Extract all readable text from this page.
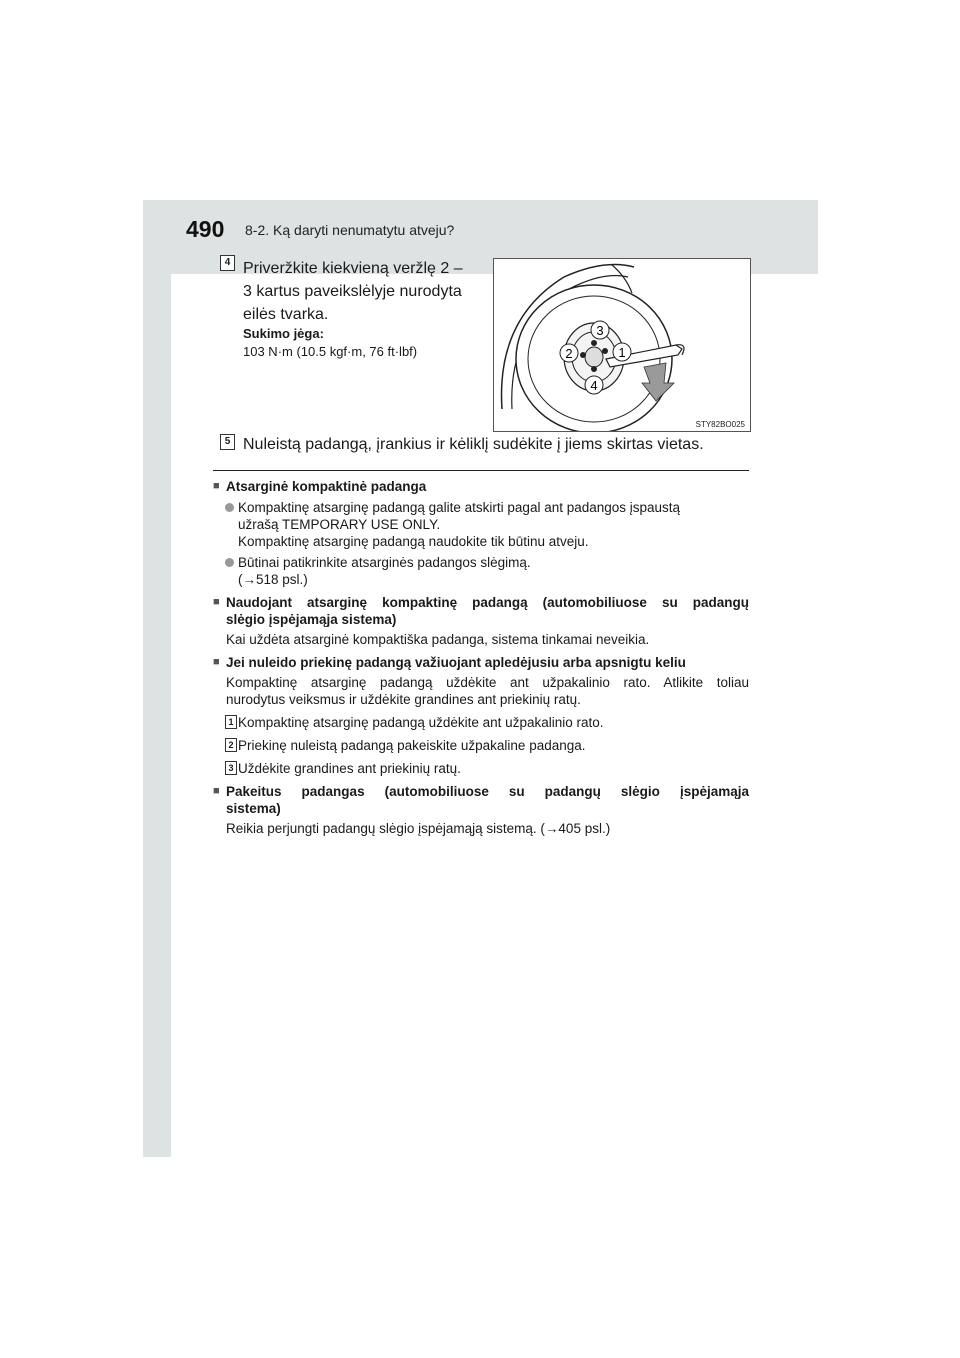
490 8-2. Ką daryti nenumatytu atveju?
4 Priveržkite kiekvieną veržlę 2 –
3 kartus paveikslėlyje nurodyta
eilės tvarka.
Sukimo jėga:
103 N·m (10.5 kgf·m, 76 ft·lbf)
3
1
2
4
STY82BO025
5 Nuleistą padangą, įrankius ir kėliklį sudėkite į jiems skirtas vietas.
■ Atsarginė kompaktinė padanga
Kompaktinę atsarginę padangą galite atskirti pagal ant padangos įspaustą
užrašą TEMPORARY USE ONLY.
Kompaktinę atsarginę padangą naudokite tik būtinu atveju.
Būtinai patikrinkite atsarginės padangos slėgimą.
(→518 psl.)
■ Naudojant atsarginę kompaktinę padangą (automobiliuose su padangų
slėgio įspėjamąja sistema)
Kai uždėta atsarginė kompaktiška padanga, sistema tinkamai neveikia.
■ Jei nuleido priekinę padangą važiuojant apledėjusiu arba apsnigtu keliu
Kompaktinę atsarginę padangą uždėkite ant užpakalinio rato. Atlikite toliau
nurodytus veiksmus ir uždėkite grandines ant priekinių ratų.
1 Kompaktinę atsarginę padangą uždėkite ant užpakalinio rato.
2 Priekinę nuleistą padangą pakeiskite užpakaline padanga.
3 Uždėkite grandines ant priekinių ratų.
■ Pakeitus padangas (automobiliuose su padangų slėgio įspėjamąja
sistema)
Reikia perjungti padangų slėgio įspėjamąją sistemą. (→405 psl.)
